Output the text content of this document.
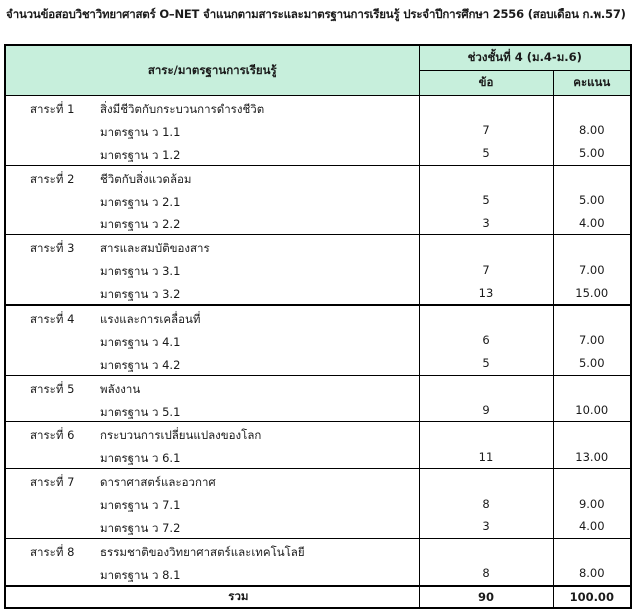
จำนวนข้อสอบวิชาวิทยาศาสตร์ O–NET จำแนกตามสาระและมาตรฐานการเรียนรู้ ประจำปีการศึกษา 2556 (สอบเดือน ก.พ.57)
สาระ/มาตรฐานการเรียนรู้	ช่วงชั้นที่ 4 (ม.4-ม.6)	
	ข้อ	คะแนน

สาระที่ 1 สิ่งมีชีวิตกับกระบวนการดำรงชีวิต		

มาตรฐาน ว 1.1	7	8.00

มาตรฐาน ว 1.2	5	5.00

สาระที่ 2 ชีวิตกับสิ่งแวดล้อม		

มาตรฐาน ว 2.1	5	5.00

มาตรฐาน ว 2.2	3	4.00

สาระที่ 3 สารและสมบัติของสาร		

มาตรฐาน ว 3.1	7	7.00

มาตรฐาน ว 3.2	13	15.00

สาระที่ 4 แรงและการเคลื่อนที่		

มาตรฐาน ว 4.1	6	7.00

มาตรฐาน ว 4.2	5	5.00

สาระที่ 5 พลังงาน		

มาตรฐาน ว 5.1	9	10.00

สาระที่ 6 กระบวนการเปลี่ยนแปลงของโลก		

มาตรฐาน ว 6.1	11	13.00

สาระที่ 7 ดาราศาสตร์และอวกาศ		

มาตรฐาน ว 7.1	8	9.00

มาตรฐาน ว 7.2	3	4.00

สาระที่ 8 ธรรมชาติของวิทยาศาสตร์และเทคโนโลยี		

มาตรฐาน ว 8.1	8	8.00
รวม	90	100.00
